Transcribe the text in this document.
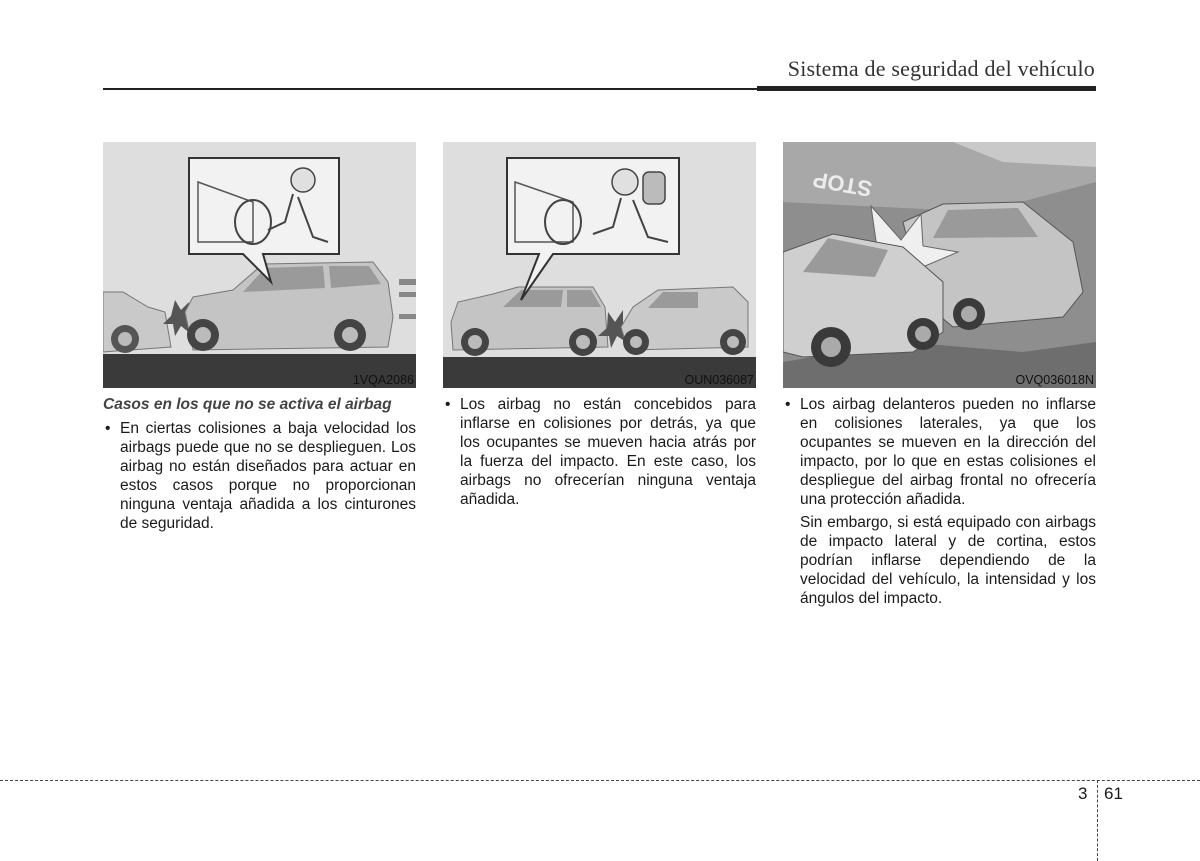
Sistema de seguridad del vehículo
1VQA2086	OUN036087
STOP
OVQ036018N

Casos en los que no se activa el airbag

• En ciertas colisiones a baja velocidad los airbags puede que no se desplieguen. Los airbag no están diseñados para actuar en estos casos porque no proporcionan ninguna ventaja añadida a los cinturones de seguridad.

• Los airbag no están concebidos para inflarse en colisiones por detrás, ya que los ocupantes se mueven hacia atrás por la fuerza del impacto. En este caso, los airbags no ofrecerían ninguna ventaja añadida.

• Los airbag delanteros pueden no inflarse en colisiones laterales, ya que los ocupantes se mueven en la dirección del impacto, por lo que en estas colisiones el despliegue del airbag frontal no ofrecería una protección añadida.

Sin embargo, si está equipado con airbags de impacto lateral y de cortina, estos podrían inflarse dependiendo de la velocidad del vehículo, la intensidad y los ángulos del impacto.

3 61
